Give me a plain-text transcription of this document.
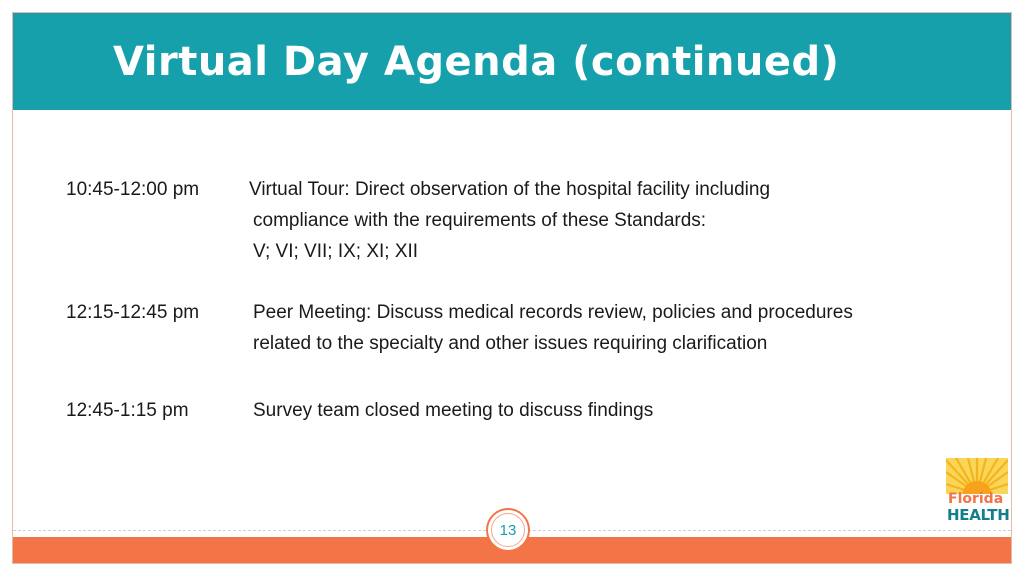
Virtual Day Agenda (continued)
10:45-12:00 pm	Virtual Tour: Direct observation of the hospital facility including
compliance with the requirements of these Standards:
V; VI; VII; IX; XI; XII
12:15-12:45 pm	Peer Meeting: Discuss medical records review, policies and procedures
related to the specialty and other issues requiring clarification
12:45-1:15 pm	Survey team closed meeting to discuss findings
Florida
HEALTH
13
